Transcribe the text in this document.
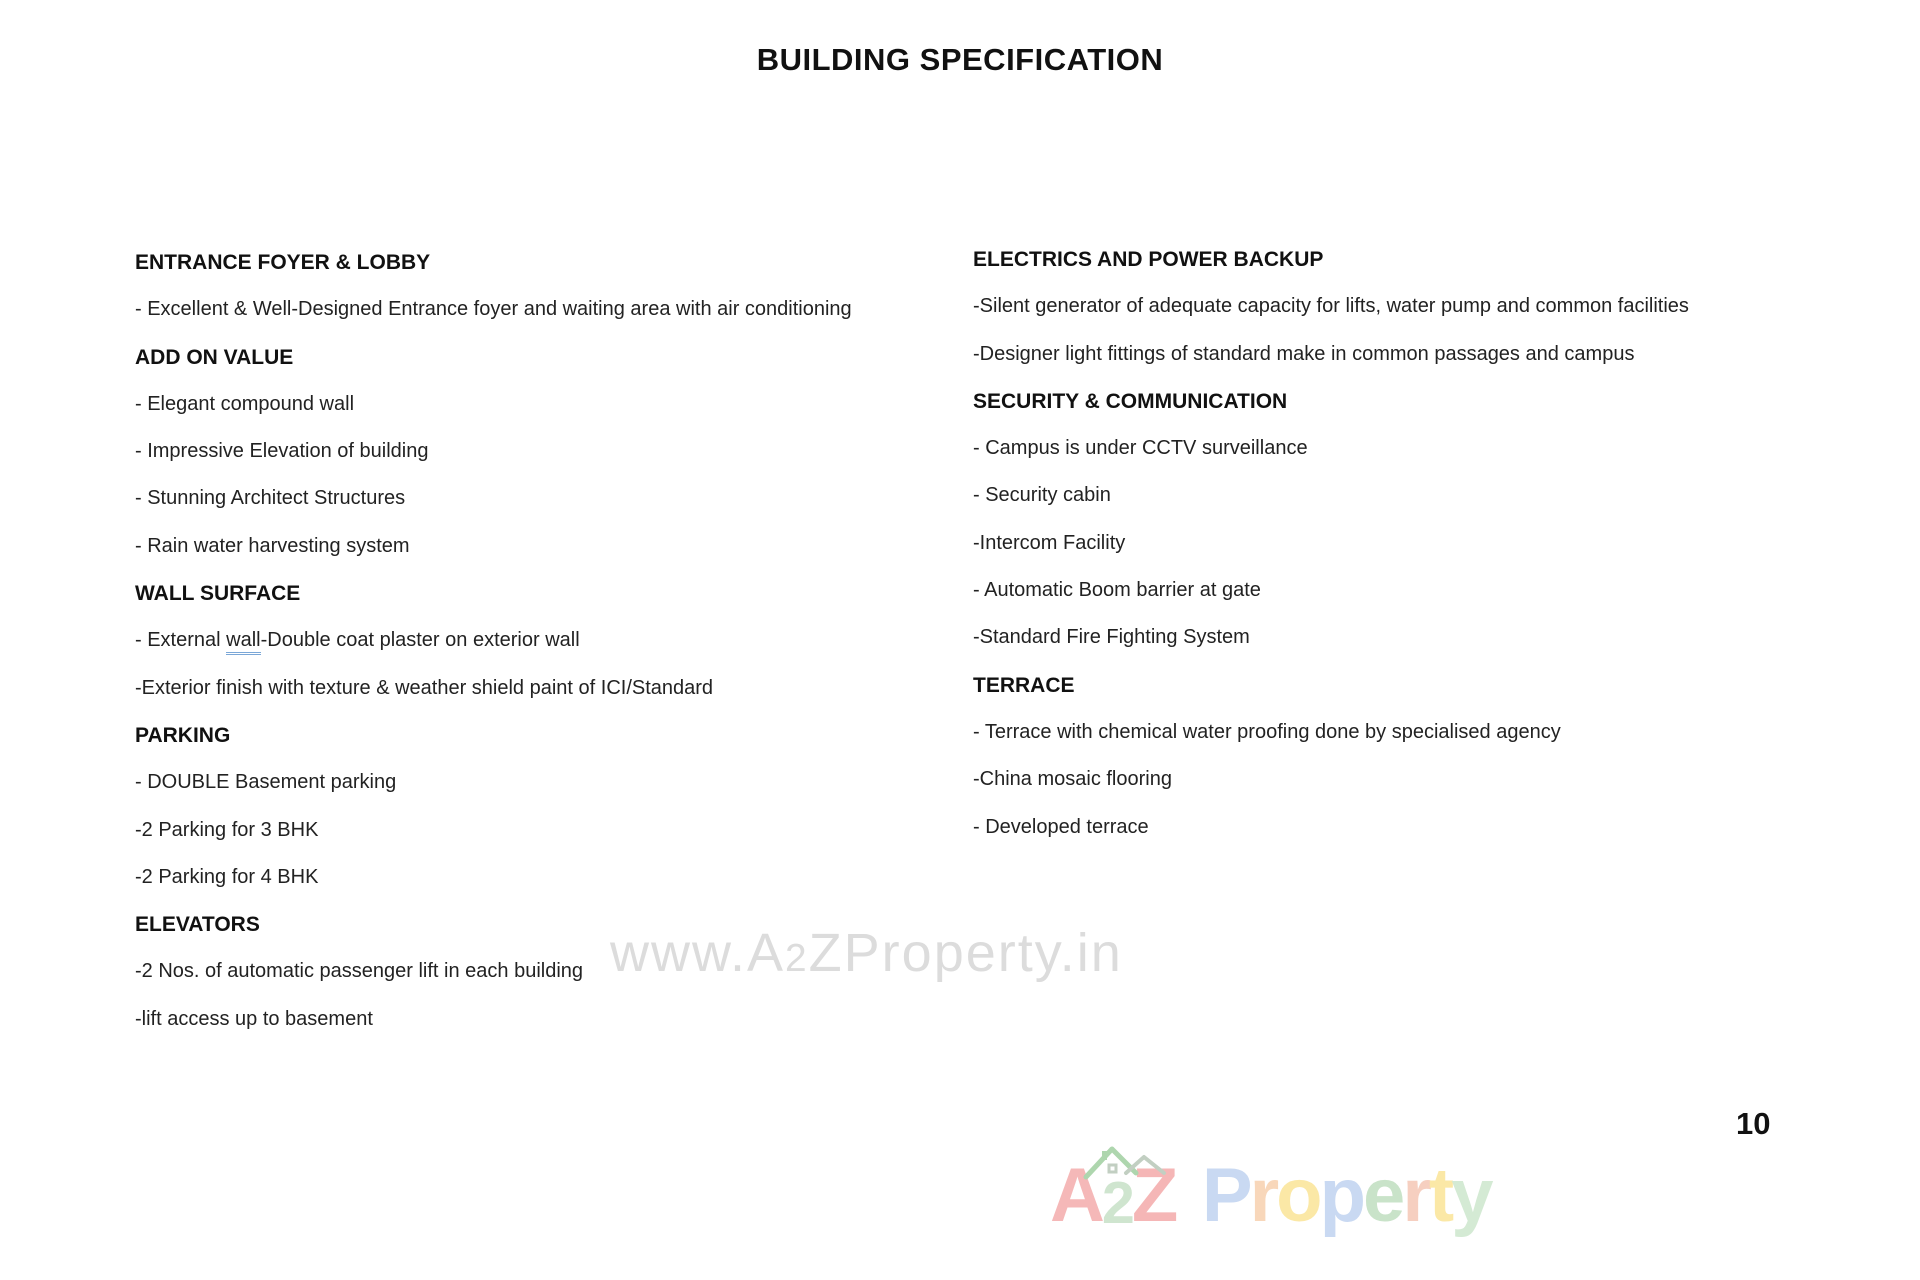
BUILDING SPECIFICATION
ENTRANCE FOYER & LOBBY
- Excellent & Well-Designed Entrance foyer and waiting area with air conditioning
ADD ON VALUE
- Elegant compound wall
- Impressive Elevation of building
- Stunning Architect Structures
- Rain water harvesting system
WALL SURFACE
- External wall-Double coat plaster on exterior wall
-Exterior finish with texture & weather shield paint of ICI/Standard
PARKING
- DOUBLE Basement parking
-2 Parking for 3 BHK
-2 Parking for 4 BHK
ELEVATORS
-2 Nos. of automatic passenger lift in each building
-lift access up to basement
ELECTRICS AND POWER BACKUP
-Silent generator of adequate capacity for lifts, water pump and common facilities
-Designer light fittings of standard make in common passages and campus
SECURITY & COMMUNICATION
- Campus is under CCTV surveillance
- Security cabin
-Intercom Facility
- Automatic Boom barrier at gate
-Standard Fire Fighting System
TERRACE
- Terrace with chemical water proofing done by specialised agency
-China mosaic flooring
- Developed terrace
www.A2ZProperty.in
10
A2
Z Property
